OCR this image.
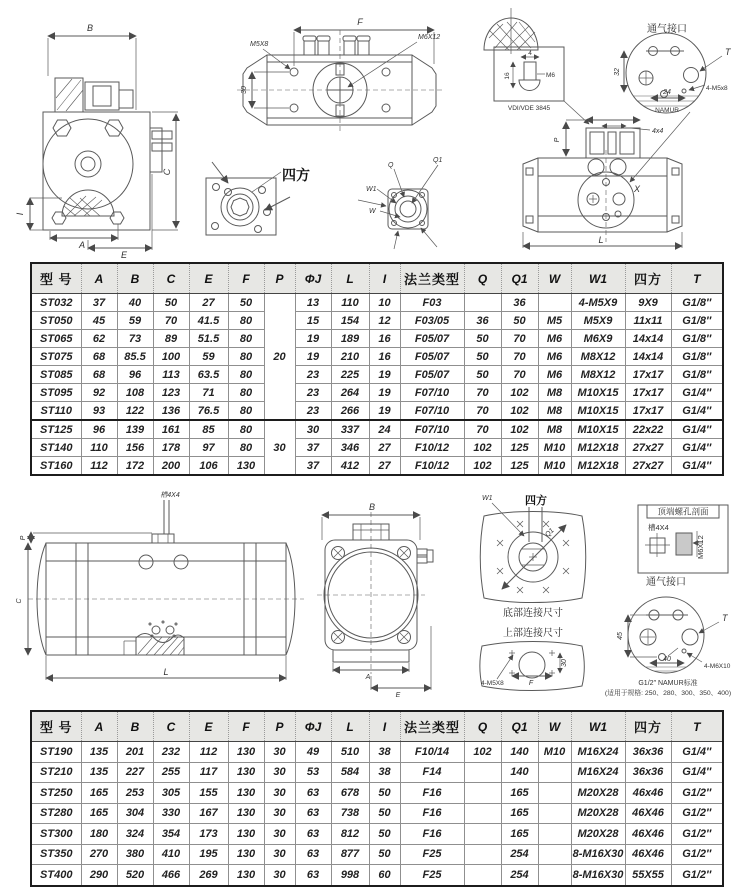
B
C
A
E
I
F
M5X8
M6X12
30
四方
Q
Q1
W1
W
4
16	M6
VDI/VDE 3845
通气接口
32
24
NAMUR
T
4-M5x8
4x4
P
X
L
型 号	A	B	C	E	F	P	ΦJ	L	I	法兰类型	Q	Q1	W	W1	四方	T
ST032	37	40	50	27	50	20	13	110	10	F03		36		4-M5X9	9X9	G1/8″
ST050	45	59	70	41.5	80		15	154	12	F03/05	36	50	M5	M5X9	11x11	G1/8″
ST065	62	73	89	51.5	80		19	189	16	F05/07	50	70	M6	M6X9	14x14	G1/8″
ST075	68	85.5	100	59	80		19	210	16	F05/07	50	70	M6	M8X12	14x14	G1/8″
ST085	68	96	113	63.5	80		23	225	19	F05/07	50	70	M6	M8X12	17x17	G1/8″
ST095	92	108	123	71	80		23	264	19	F07/10	70	102	M8	M10X15	17x17	G1/4″
ST110	93	122	136	76.5	80		23	266	19	F07/10	70	102	M8	M10X15	17x17	G1/4″
ST125	96	139	161	85	80	30	30	337	24	F07/10	70	102	M8	M10X15	22x22	G1/4″
ST140	110	156	178	97	80		37	346	27	F10/12	102	125	M10	M12X18	27x27	G1/4″
ST160	112	172	200	106	130		37	412	27	F10/12	102	125	M10	M12X18	27x27	G1/4″
槽4X4
P
C
L
B
A
E
四方
Q1
W1
底部连接尺寸
上部连接尺寸
4-M5X8	F
30
顶端螺孔剖面
槽4X4
M6X12
通气接口
45
40
T
4-M6X10
G1/2″ NAMUR标准
(适用于规格: 250、280、300、350、400)
型 号	A	B	C	E	F	P	ΦJ	L	I	法兰类型	Q	Q1	W	W1	四方	T
ST190	135	201	232	112	130	30	49	510	38	F10/14	102	140	M10	M16X24	36x36	G1/4″
ST210	135	227	255	117	130	30	53	584	38	F14		140		M16X24	36x36	G1/4″
ST250	165	253	305	155	130	30	63	678	50	F16		165		M20X28	46x46	G1/2″
ST280	165	304	330	167	130	30	63	738	50	F16		165		M20X28	46X46	G1/2″
ST300	180	324	354	173	130	30	63	812	50	F16		165		M20X28	46X46	G1/2″
ST350	270	380	410	195	130	30	63	877	50	F25		254		8-M16X30	46X46	G1/2″
ST400	290	520	466	269	130	30	63	998	60	F25		254		8-M16X30	55X55	G1/2″
